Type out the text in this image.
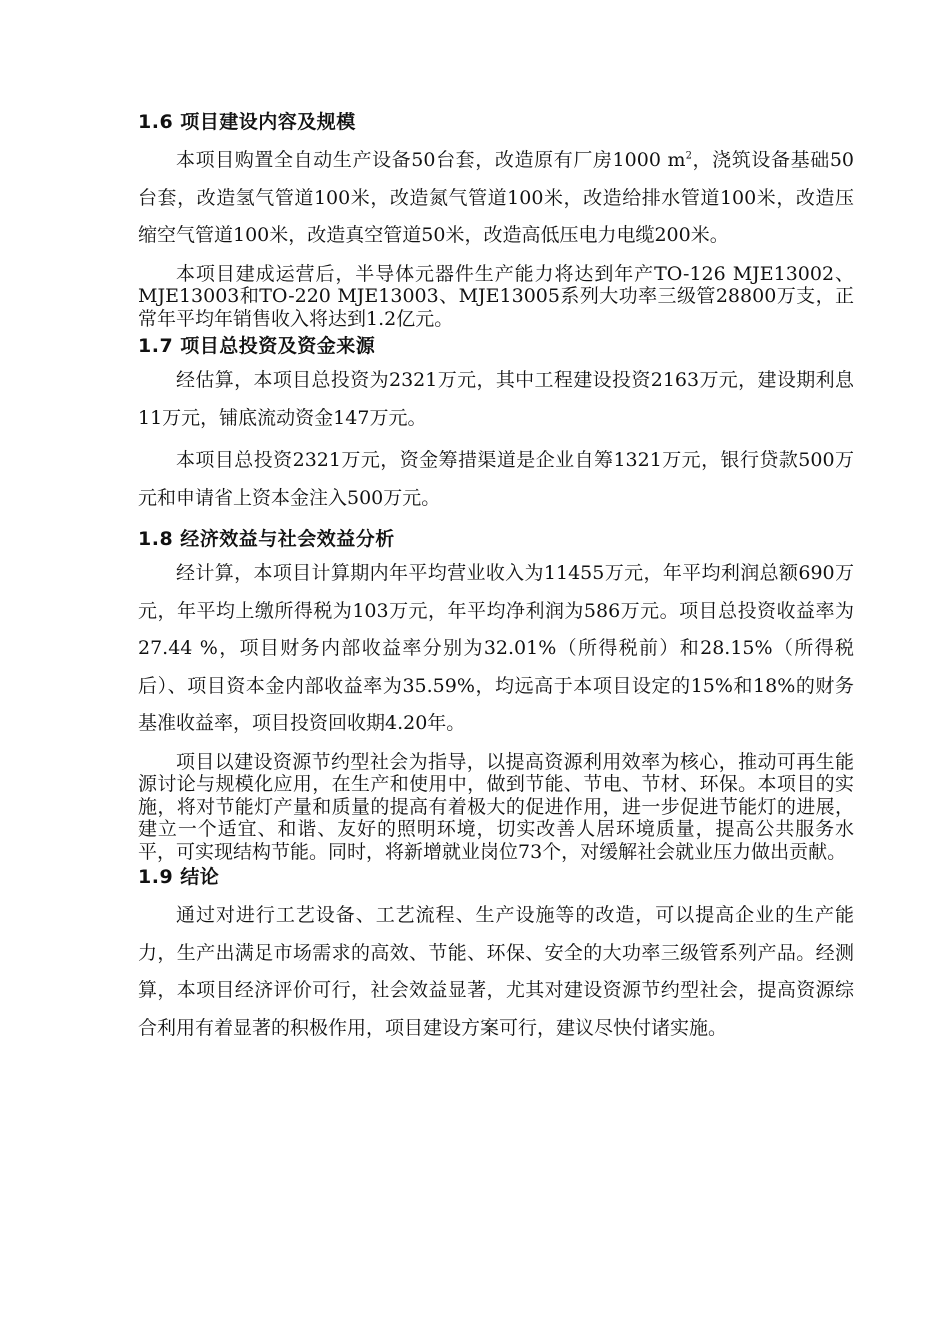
1.6 项目建设内容及规模

本项目购置全自动生产设备50台套，改造原有厂房1000 $m^2$，浇筑设备基础50台套，改造氢气管道100米，改造氮气管道100米，改造给排水管道100米，改造压缩空气管道100米，改造真空管道50米，改造高低压电力电缆200米。

本项目建成运营后，半导体元器件生产能力将达到年产TO-126 MJE13002、MJE13003和TO-220 MJE13003、MJE13005系列大功率三级管28800万支，正常年平均年销售收入将达到1.2亿元。

1.7 项目总投资及资金来源

经估算，本项目总投资为2321万元，其中工程建设投资2163万元，建设期利息11万元，铺底流动资金147万元。

本项目总投资2321万元，资金筹措渠道是企业自筹1321万元，银行贷款500万元和申请省上资本金注入500万元。

1.8 经济效益与社会效益分析

经计算，本项目计算期内年平均营业收入为11455万元，年平均利润总额690万元，年平均上缴所得税为103万元，年平均净利润为586万元。项目总投资收益率为27.44 %，项目财务内部收益率分别为32.01%（所得税前）和28.15%（所得税后）、项目资本金内部收益率为35.59%，均远高于本项目设定的15%和18%的财务基准收益率，项目投资回收期4.20年。

项目以建设资源节约型社会为指导，以提高资源利用效率为核心，推动可再生能源讨论与规模化应用，在生产和使用中，做到节能、节电、节材、环保。本项目的实施，将对节能灯产量和质量的提高有着极大的促进作用，进一步促进节能灯的进展，建立一个适宜、和谐、友好的照明环境，切实改善人居环境质量，提高公共服务水平，可实现结构节能。同时，将新增就业岗位73个，对缓解社会就业压力做出贡献。

1.9 结论

通过对进行工艺设备、工艺流程、生产设施等的改造，可以提高企业的生产能力，生产出满足市场需求的高效、节能、环保、安全的大功率三级管系列产品。经测算，本项目经济评价可行，社会效益显著，尤其对建设资源节约型社会，提高资源综合利用有着显著的积极作用，项目建设方案可行，建议尽快付诸实施。
